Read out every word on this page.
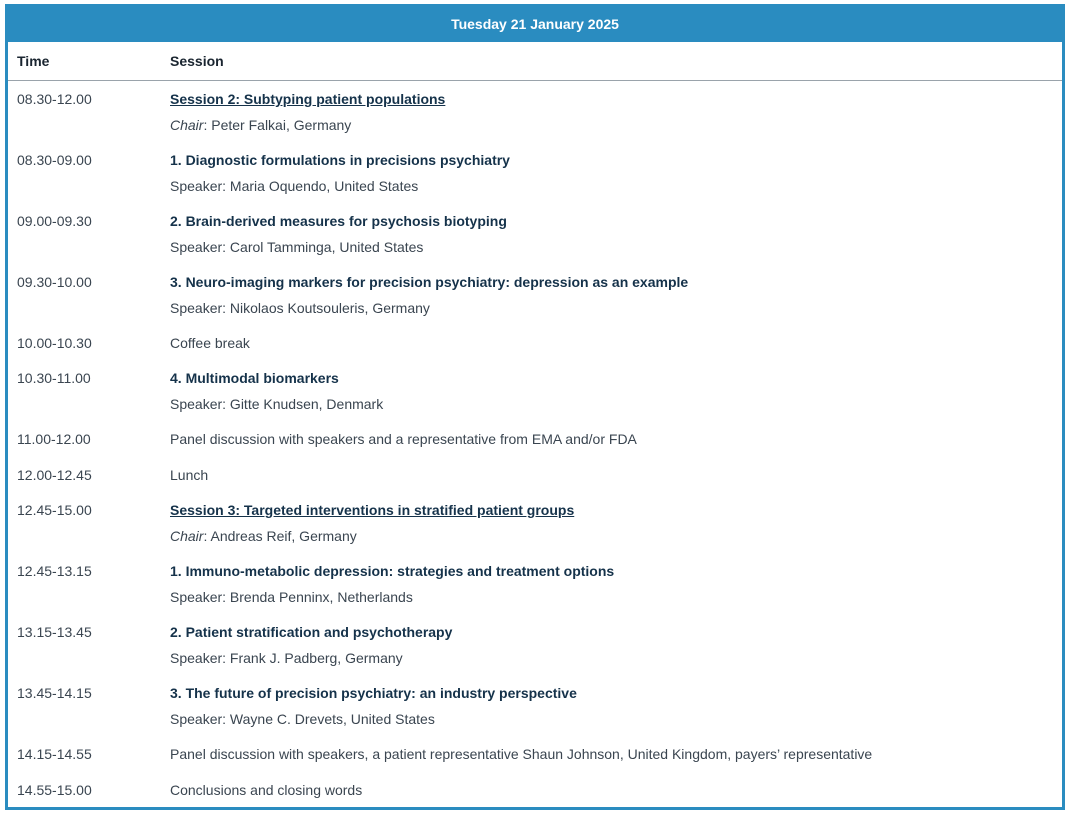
Tuesday 21 January 2025
Time	Session
08.30-12.00	Session 2: Subtyping patient populations
Chair: Peter Falkai, Germany
08.30-09.00	1. Diagnostic formulations in precisions psychiatry
Speaker: Maria Oquendo, United States
09.00-09.30	2. Brain-derived measures for psychosis biotyping
Speaker: Carol Tamminga, United States
09.30-10.00	3. Neuro-imaging markers for precision psychiatry: depression as an example
Speaker: Nikolaos Koutsouleris, Germany
10.00-10.30	Coffee break
10.30-11.00	4. Multimodal biomarkers
Speaker: Gitte Knudsen, Denmark
11.00-12.00	Panel discussion with speakers and a representative from EMA and/or FDA
12.00-12.45	Lunch
12.45-15.00	Session 3: Targeted interventions in stratified patient groups
Chair: Andreas Reif, Germany
12.45-13.15	1. Immuno-metabolic depression: strategies and treatment options
Speaker: Brenda Penninx, Netherlands
13.15-13.45	2. Patient stratification and psychotherapy
Speaker: Frank J. Padberg, Germany
13.45-14.15	3. The future of precision psychiatry: an industry perspective
Speaker: Wayne C. Drevets, United States
14.15-14.55	Panel discussion with speakers, a patient representative Shaun Johnson, United Kingdom, payers’ representative
14.55-15.00	Conclusions and closing words
